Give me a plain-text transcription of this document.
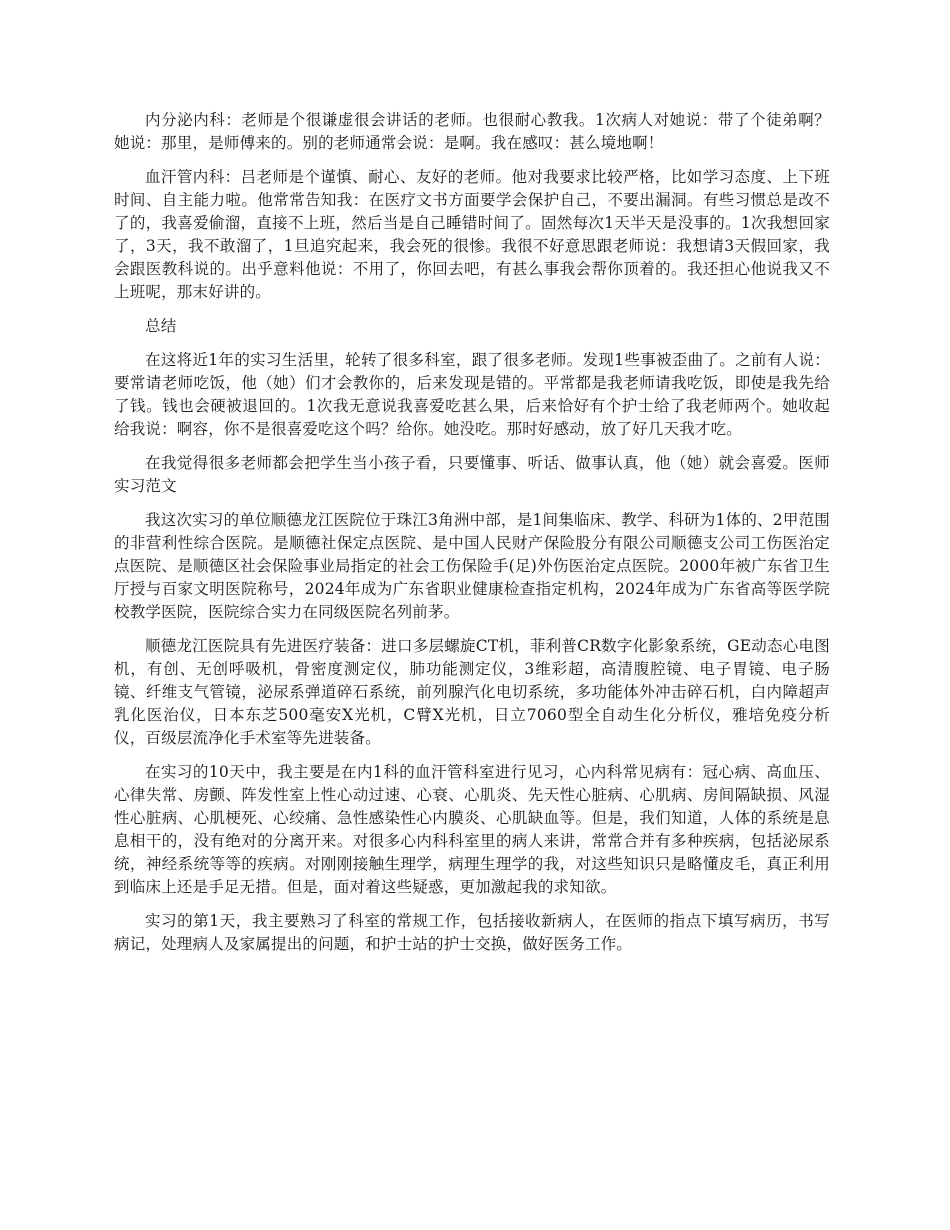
内分泌内科：老师是个很谦虚很会讲话的老师。也很耐心教我。1次病人对她说：带了个徒弟啊？她说：那里，是师傅来的。别的老师通常会说：是啊。我在感叹：甚么境地啊！

血汗管内科：吕老师是个谨慎、耐心、友好的老师。他对我要求比较严格，比如学习态度、上下班时间、自主能力啦。他常常告知我：在医疗文书方面要学会保护自己，不要出漏洞。有些习惯总是改不了的，我喜爱偷溜，直接不上班，然后当是自己睡错时间了。固然每次1天半天是没事的。1次我想回家了，3天，我不敢溜了，1旦追究起来，我会死的很惨。我很不好意思跟老师说：我想请3天假回家，我会跟医教科说的。出乎意料他说：不用了，你回去吧，有甚么事我会帮你顶着的。我还担心他说我又不上班呢，那末好讲的。

总结

在这将近1年的实习生活里，轮转了很多科室，跟了很多老师。发现1些事被歪曲了。之前有人说：要常请老师吃饭，他（她）们才会教你的，后来发现是错的。平常都是我老师请我吃饭，即使是我先给了钱。钱也会硬被退回的。1次我无意说我喜爱吃甚么果，后来恰好有个护士给了我老师两个。她收起给我说：啊容，你不是很喜爱吃这个吗？给你。她没吃。那时好感动，放了好几天我才吃。

在我觉得很多老师都会把学生当小孩子看，只要懂事、听话、做事认真，他（她）就会喜爱。医师实习范文

我这次实习的单位顺德龙江医院位于珠江3角洲中部，是1间集临床、教学、科研为1体的、2甲范围的非营利性综合医院。是顺德社保定点医院、是中国人民财产保险股分有限公司顺德支公司工伤医治定点医院、是顺德区社会保险事业局指定的社会工伤保险手(足)外伤医治定点医院。2000年被广东省卫生厅授与百家文明医院称号，2024年成为广东省职业健康检查指定机构，2024年成为广东省高等医学院校教学医院，医院综合实力在同级医院名列前茅。

顺德龙江医院具有先进医疗装备：进口多层螺旋CT机，菲利普CR数字化影象系统，GE动态心电图机，有创、无创呼吸机，骨密度测定仪，肺功能测定仪，3维彩超，高清腹腔镜、电子胃镜、电子肠镜、纤维支气管镜，泌尿系弹道碎石系统，前列腺汽化电切系统，多功能体外冲击碎石机，白内障超声乳化医治仪，日本东芝500毫安X光机，C臂X光机，日立7060型全自动生化分析仪，雅培免疫分析仪，百级层流净化手术室等先进装备。

在实习的10天中，我主要是在内1科的血汗管科室进行见习，心内科常见病有：冠心病、高血压、心律失常、房颤、阵发性室上性心动过速、心衰、心肌炎、先天性心脏病、心肌病、房间隔缺损、风湿性心脏病、心肌梗死、心绞痛、急性感染性心内膜炎、心肌缺血等。但是，我们知道，人体的系统是息息相干的，没有绝对的分离开来。对很多心内科科室里的病人来讲，常常合并有多种疾病，包括泌尿系统，神经系统等等的疾病。对刚刚接触生理学，病理生理学的我，对这些知识只是略懂皮毛，真正利用到临床上还是手足无措。但是，面对着这些疑惑，更加激起我的求知欲。

实习的第1天，我主要熟习了科室的常规工作，包括接收新病人，在医师的指点下填写病历，书写病记，处理病人及家属提出的问题，和护士站的护士交换，做好医务工作。
